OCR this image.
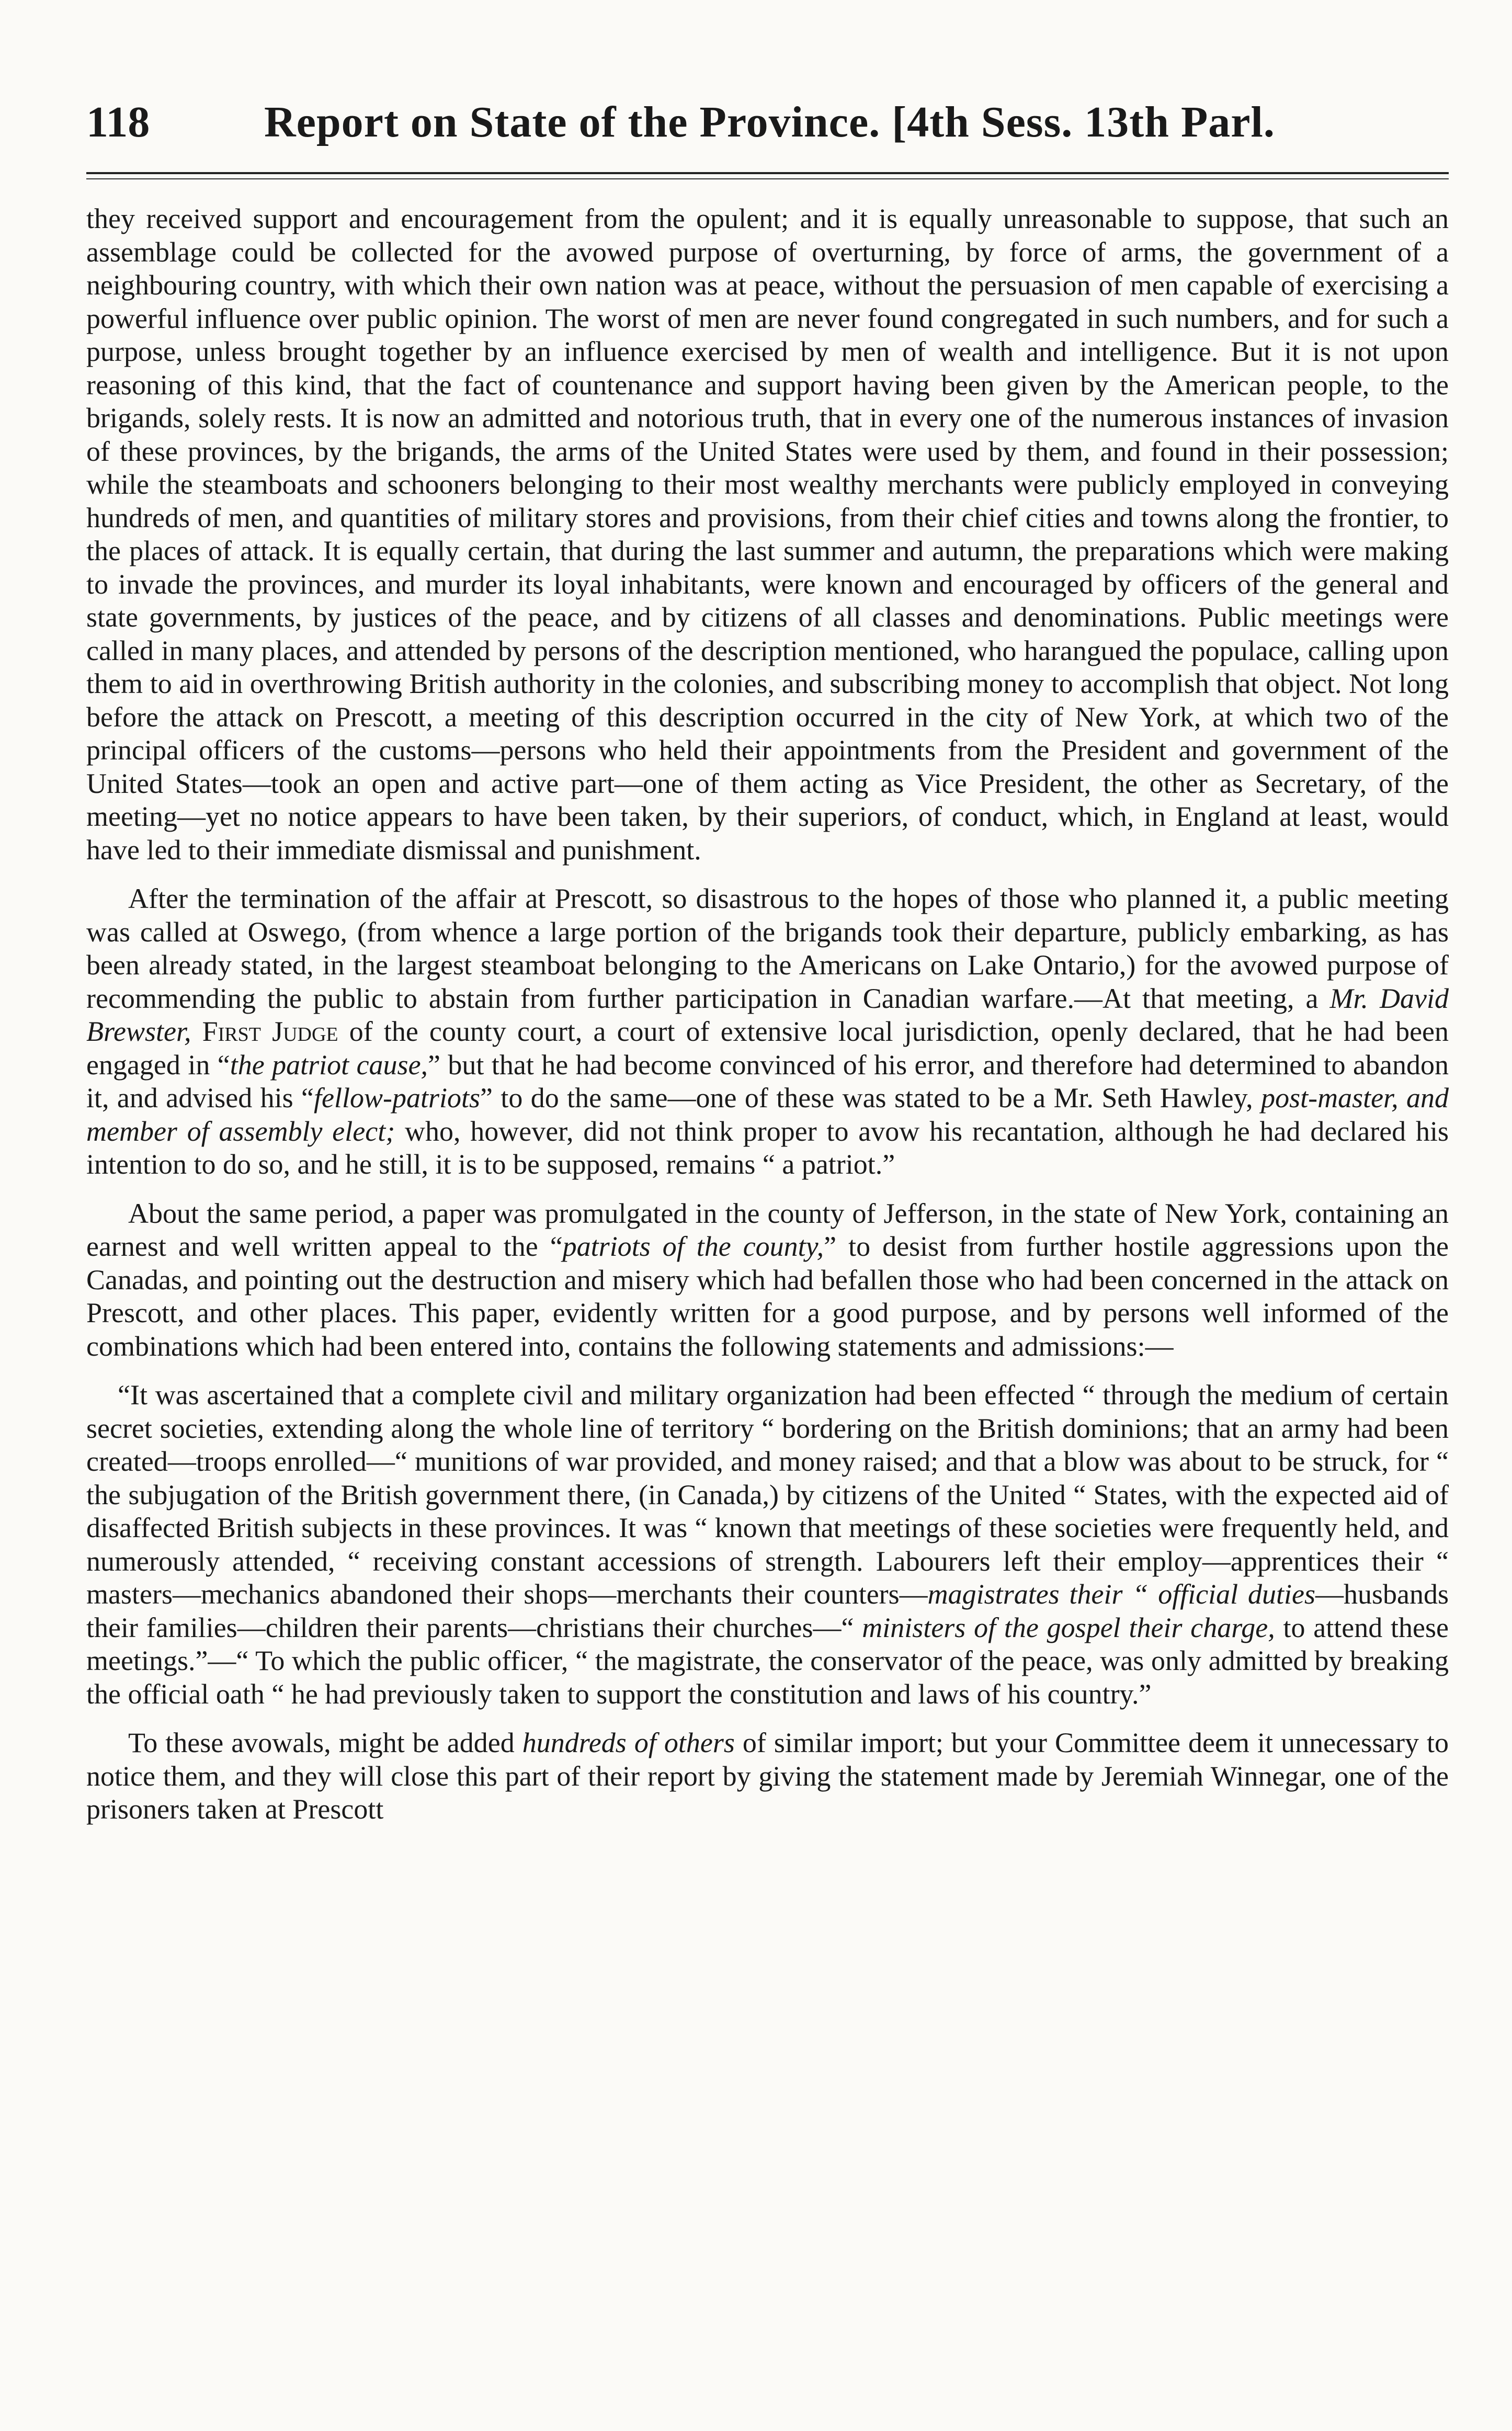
118	Report on State of the Province. [4th Sess. 13th Parl.

they received support and encouragement from the opulent; and it is equally unreasonable to suppose, that such an assemblage could be collected for the avowed purpose of overturning, by force of arms, the government of a neighbouring country, with which their own nation was at peace, without the persuasion of men capable of exercising a powerful influence over public opinion. The worst of men are never found congregated in such numbers, and for such a purpose, unless brought together by an influence exercised by men of wealth and intelligence. But it is not upon reasoning of this kind, that the fact of countenance and support having been given by the American people, to the brigands, solely rests. It is now an admitted and notorious truth, that in every one of the numerous instances of invasion of these provinces, by the brigands, the arms of the United States were used by them, and found in their possession; while the steamboats and schooners belonging to their most wealthy merchants were publicly employed in conveying hundreds of men, and quantities of military stores and provisions, from their chief cities and towns along the frontier, to the places of attack. It is equally certain, that during the last summer and autumn, the preparations which were making to invade the provinces, and murder its loyal inhabitants, were known and encouraged by officers of the general and state governments, by justices of the peace, and by citizens of all classes and denominations. Public meetings were called in many places, and attended by persons of the description mentioned, who harangued the populace, calling upon them to aid in overthrowing British authority in the colonies, and subscribing money to accomplish that object. Not long before the attack on Prescott, a meeting of this description occurred in the city of New York, at which two of the principal officers of the customs—persons who held their appointments from the President and government of the United States—took an open and active part—one of them acting as Vice President, the other as Secretary, of the meeting—yet no notice appears to have been taken, by their superiors, of conduct, which, in England at least, would have led to their immediate dismissal and punishment.

After the termination of the affair at Prescott, so disastrous to the hopes of those who planned it, a public meeting was called at Oswego, (from whence a large portion of the brigands took their departure, publicly embarking, as has been already stated, in the largest steamboat belonging to the Americans on Lake Ontario,) for the avowed purpose of recommending the public to abstain from further participation in Canadian warfare.—At that meeting, a Mr. David Brewster, First Judge of the county court, a court of extensive local jurisdiction, openly declared, that he had been engaged in “the patriot cause,” but that he had become convinced of his error, and therefore had determined to abandon it, and advised his “fellow-patriots” to do the same—one of these was stated to be a Mr. Seth Hawley, post-master, and member of assembly elect; who, however, did not think proper to avow his recantation, although he had declared his intention to do so, and he still, it is to be supposed, remains “ a patriot.”

About the same period, a paper was promulgated in the county of Jefferson, in the state of New York, containing an earnest and well written appeal to the “patriots of the county,” to desist from further hostile aggressions upon the Canadas, and pointing out the destruction and misery which had befallen those who had been concerned in the attack on Prescott, and other places. This paper, evidently written for a good purpose, and by persons well informed of the combinations which had been entered into, contains the following statements and admissions:—

“It was ascertained that a complete civil and military organization had been effected “ through the medium of certain secret societies, extending along the whole line of territory “ bordering on the British dominions; that an army had been created—troops enrolled—“ munitions of war provided, and money raised; and that a blow was about to be struck, for “ the subjugation of the British government there, (in Canada,) by citizens of the United “ States, with the expected aid of disaffected British subjects in these provinces. It was “ known that meetings of these societies were frequently held, and numerously attended, “ receiving constant accessions of strength. Labourers left their employ—apprentices their “ masters—mechanics abandoned their shops—merchants their counters—magistrates their “ official duties—husbands their families—children their parents—christians their churches—“ ministers of the gospel their charge, to attend these meetings.”—“ To which the public officer, “ the magistrate, the conservator of the peace, was only admitted by breaking the official oath “ he had previously taken to support the constitution and laws of his country.”

To these avowals, might be added hundreds of others of similar import; but your Committee deem it unnecessary to notice them, and they will close this part of their report by giving the statement made by Jeremiah Winnegar, one of the prisoners taken at Prescott
